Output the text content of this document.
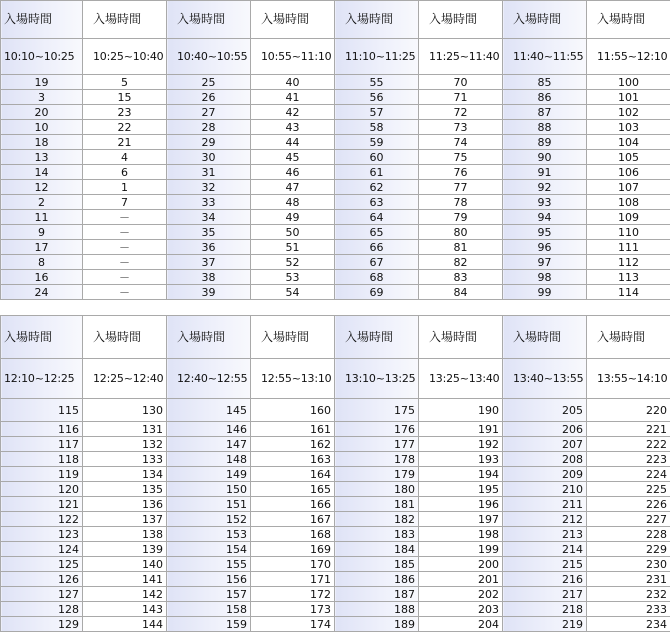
入場時間	入場時間	入場時間	入場時間	入場時間	入場時間	入場時間	入場時間
10:10~10:25	10:25~10:40	10:40~10:55	10:55~11:10	11:10~11:25	11:25~11:40	11:40~11:55	11:55~12:10
19	5	25	40	55	70	85	100
3	15	26	41	56	71	86	101
20	23	27	42	57	72	87	102
10	22	28	43	58	73	88	103
18	21	29	44	59	74	89	104
13	4	30	45	60	75	90	105
14	6	31	46	61	76	91	106
12	1	32	47	62	77	92	107
2	7	33	48	63	78	93	108
11	－	34	49	64	79	94	109
9	－	35	50	65	80	95	110
17	－	36	51	66	81	96	111
8	－	37	52	67	82	97	112
16	－	38	53	68	83	98	113
24	－	39	54	69	84	99	114
入場時間	入場時間	入場時間	入場時間	入場時間	入場時間	入場時間	入場時間
12:10~12:25	12:25~12:40	12:40~12:55	12:55~13:10	13:10~13:25	13:25~13:40	13:40~13:55	13:55~14:10
115	130	145	160	175	190	205	220
116	131	146	161	176	191	206	221
117	132	147	162	177	192	207	222
118	133	148	163	178	193	208	223
119	134	149	164	179	194	209	224
120	135	150	165	180	195	210	225
121	136	151	166	181	196	211	226
122	137	152	167	182	197	212	227
123	138	153	168	183	198	213	228
124	139	154	169	184	199	214	229
125	140	155	170	185	200	215	230
126	141	156	171	186	201	216	231
127	142	157	172	187	202	217	232
128	143	158	173	188	203	218	233
129	144	159	174	189	204	219	234
